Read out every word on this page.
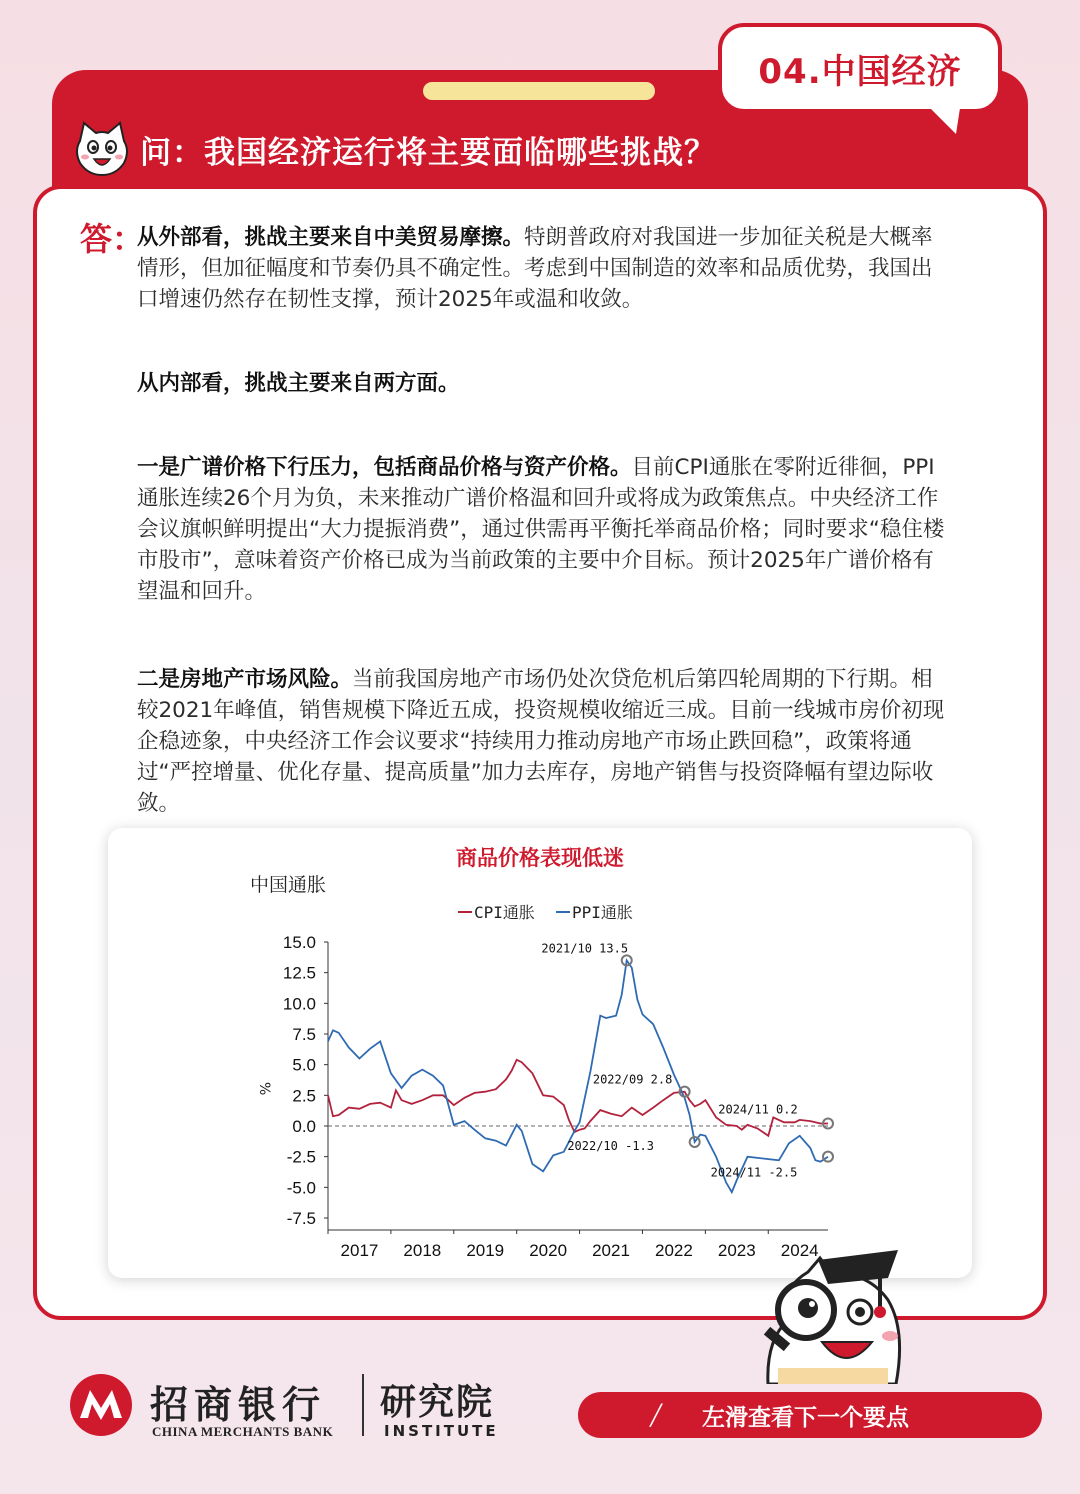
04.中国经济
问：我国经济运行将主要面临哪些挑战？
答：

从外部看，挑战主要来自中美贸易摩擦。特朗普政府对我国进一步加征关税是大概率情形，但加征幅度和节奏仍具不确定性。考虑到中国制造的效率和品质优势，我国出口增速仍然存在韧性支撑，预计2025年或温和收敛。

从内部看，挑战主要来自两方面。

一是广谱价格下行压力，包括商品价格与资产价格。目前CPI通胀在零附近徘徊，PPI通胀连续26个月为负，未来推动广谱价格温和回升或将成为政策焦点。中央经济工作会议旗帜鲜明提出“大力提振消费”，通过供需再平衡托举商品价格；同时要求“稳住楼市股市”，意味着资产价格已成为当前政策的主要中介目标。预计2025年广谱价格有望温和回升。

二是房地产市场风险。当前我国房地产市场仍处次贷危机后第四轮周期的下行期。相较2021年峰值，销售规模下降近五成，投资规模收缩近三成。目前一线城市房价初现企稳迹象，中央经济工作会议要求“持续用力推动房地产市场止跌回稳”，政策将通过“严控增量、优化存量、提高质量”加力去库存，房地产销售与投资降幅有望边际收敛。

商品价格表现低迷
中国通胀
CPI通胀 PPI通胀
15.0
12.5
10.0
7.5
5.0
2.5
0.0
-2.5
-5.0
-7.5
%
2017 2018 2019 2020 2021 2022 2023 2024
2021/10 13.5
2022/09 2.8
2022/10 -1.3
2024/11 0.2
2024/11 -2.5
招商银行
CHINA MERCHANTS BANK
研究院
INSTITUTE
╱ 左滑查看下一个要点
